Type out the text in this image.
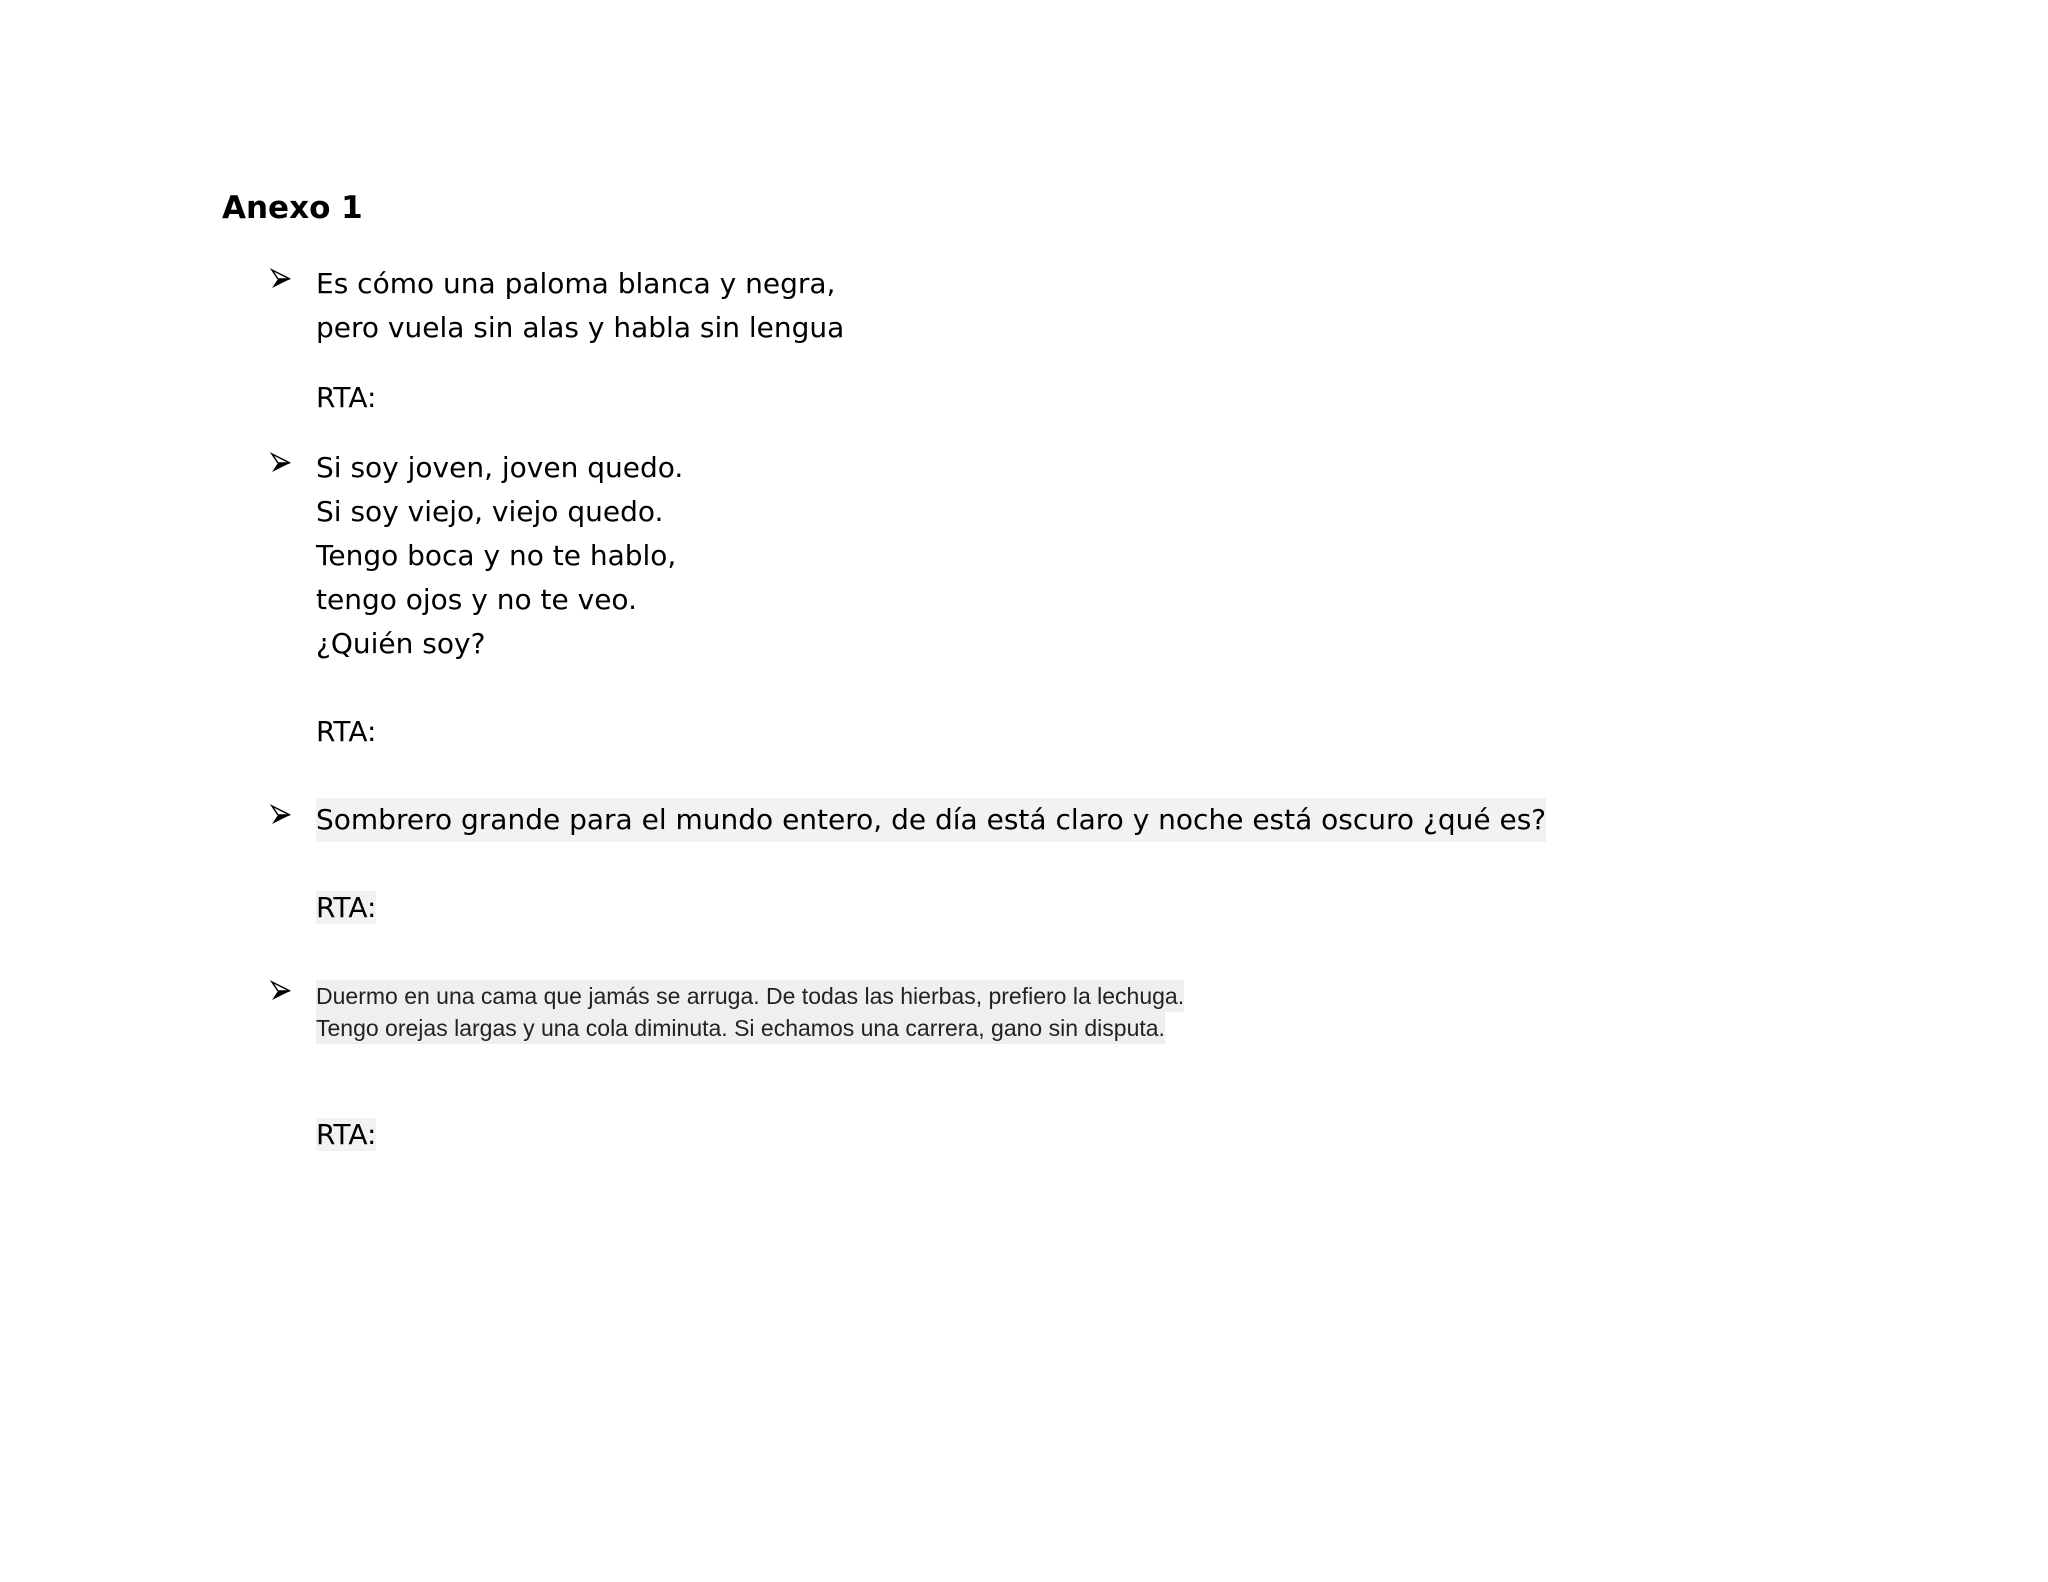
Anexo 1
Es cómo una paloma blanca y negra,
pero vuela sin alas y habla sin lengua
RTA:
Si soy joven, joven quedo.
Si soy viejo, viejo quedo.
Tengo boca y no te hablo,
tengo ojos y no te veo.
¿Quién soy?
RTA:
Sombrero grande para el mundo entero, de día está claro y noche está oscuro ¿qué es?
RTA:
Duermo en una cama que jamás se arruga. De todas las hierbas, prefiero la lechuga.
Tengo orejas largas y una cola diminuta. Si echamos una carrera, gano sin disputa.
RTA:
